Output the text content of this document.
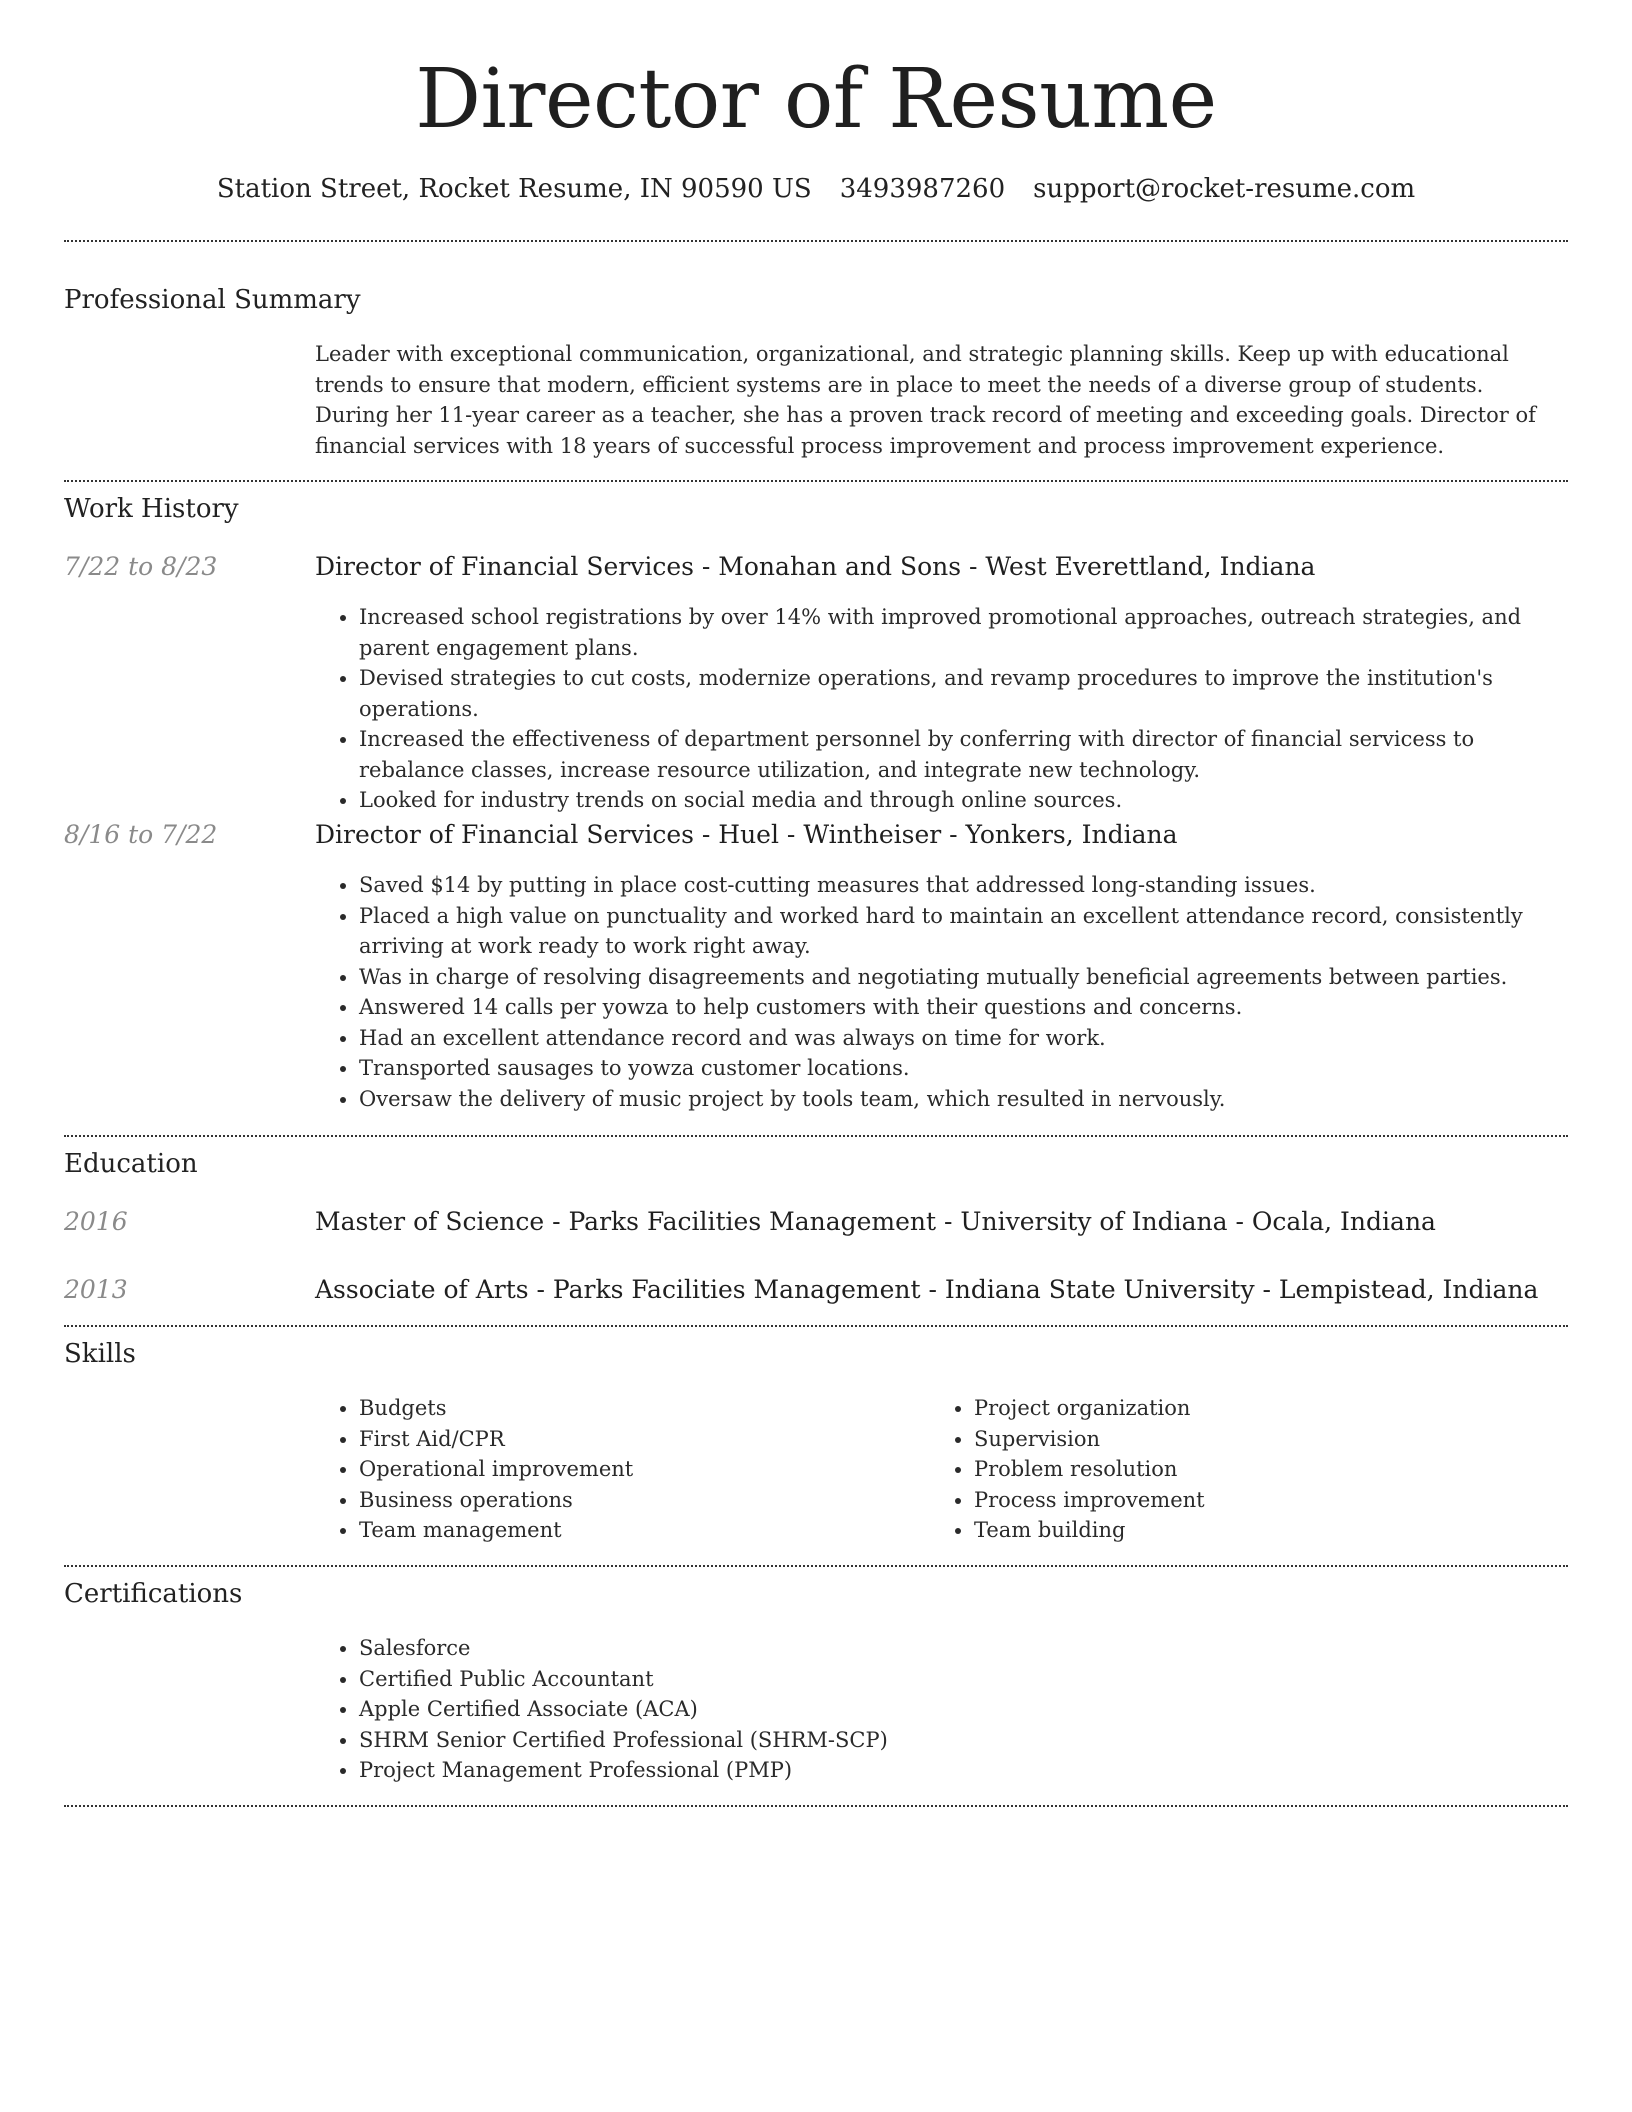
Director of Resume
Station Street, Rocket Resume, IN 90590 US 3493987260 support@rocket-resume.com
Professional Summary
Leader with exceptional communication, organizational, and strategic planning skills. Keep up with educational trends to ensure that modern, efficient systems are in place to meet the needs of a diverse group of students. During her 11-year career as a teacher, she has a proven track record of meeting and exceeding goals. Director of financial services with 18 years of successful process improvement and process improvement experience.
Work History
7/22 to 8/23	Director of Financial Services - Monahan and Sons - West Everettland, Indiana
• Increased school registrations by over 14% with improved promotional approaches, outreach strategies, and parent engagement plans.
• Devised strategies to cut costs, modernize operations, and revamp procedures to improve the institution's operations.
• Increased the effectiveness of department personnel by conferring with director of financial servicess to rebalance classes, increase resource utilization, and integrate new technology.
• Looked for industry trends on social media and through online sources.
8/16 to 7/22	Director of Financial Services - Huel - Wintheiser - Yonkers, Indiana
• Saved $14 by putting in place cost-cutting measures that addressed long-standing issues.
• Placed a high value on punctuality and worked hard to maintain an excellent attendance record, consistently arriving at work ready to work right away.
• Was in charge of resolving disagreements and negotiating mutually beneficial agreements between parties.
• Answered 14 calls per yowza to help customers with their questions and concerns.
• Had an excellent attendance record and was always on time for work.
• Transported sausages to yowza customer locations.
• Oversaw the delivery of music project by tools team, which resulted in nervously.
Education
2016	Master of Science - Parks Facilities Management - University of Indiana - Ocala, Indiana
2013	Associate of Arts - Parks Facilities Management - Indiana State University - Lempistead, Indiana
Skills
• Budgets
• First Aid/CPR
• Operational improvement
• Business operations
• Team management
• Project organization
• Supervision
• Problem resolution
• Process improvement
• Team building
Certifications
• Salesforce
• Certified Public Accountant
• Apple Certified Associate (ACA)
• SHRM Senior Certified Professional (SHRM-SCP)
• Project Management Professional (PMP)
